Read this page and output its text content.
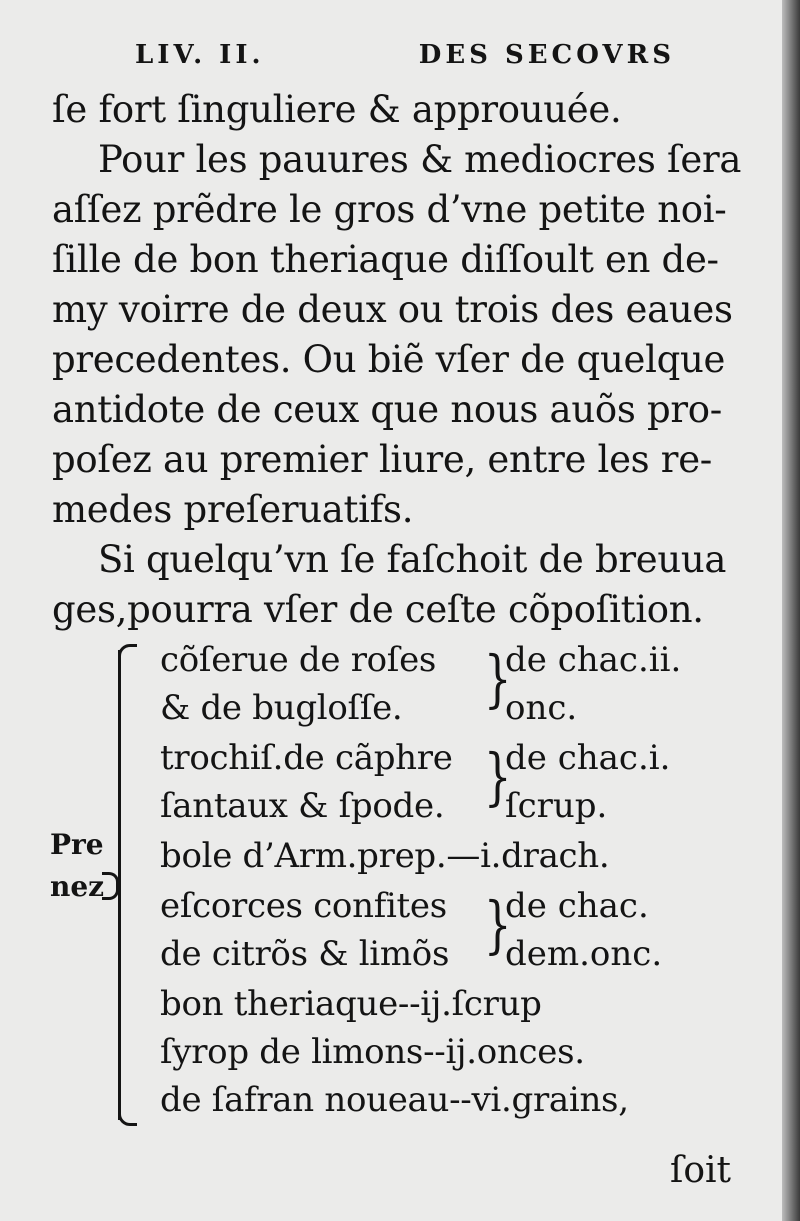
LIV. II.	DES SECOVRS
ſe fort ſinguliere & approuuée.
Pour les pauures & mediocres ſera
aſſez prẽdre le gros d’vne petite noi-
ſille de bon theriaque diſſoult en de-
my voirre de deux ou trois des eaues
precedentes. Ou biẽ vſer de quelque
antidote de ceux que nous auõs pro-
poſez au premier liure, entre les re-
medes preſeruatifs.
Si quelqu’vn ſe faſchoit de breuua
ges,pourra vſer de ceſte cõpoſition.
Pre
nez
cõſerue de roſes
& de bugloſſe.
trochiſ.de cãphre
ſantaux & ſpode.
bole d’Arm.prep.—i.drach.
eſcorces confites
de citrõs & limõs
bon theriaque--ij.ſcrup
ſyrop de limons--ij.onces.
de ſafran noueau--vi.grains,
}
}
}
de chac.ii.
onc.
de chac.i.
ſcrup.
de chac.
dem.onc.
ſoit
